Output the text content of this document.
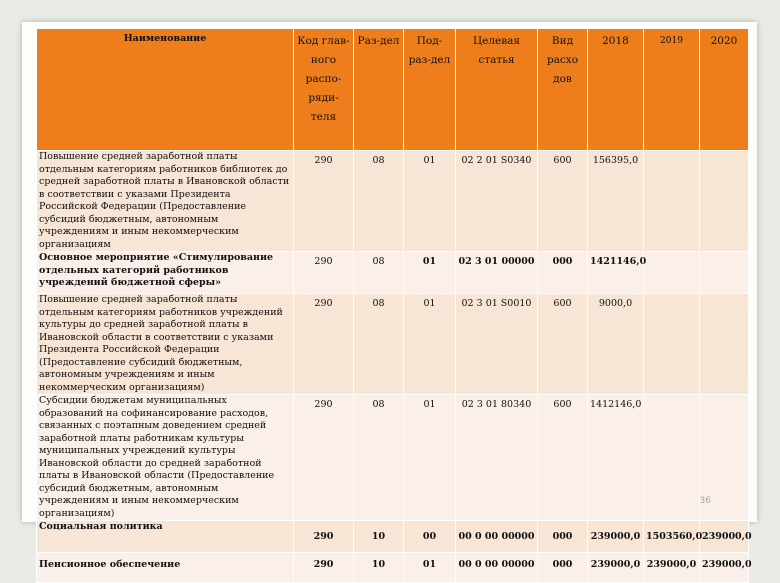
Наименование	Код глав-ного распо-ряди-теля	Раз-дел	Под-раз-дел	Целевая статья	Вид расхо дов	2018	2019	2020
Повышение средней заработной платы отдельным категориям работников библиотек до средней заработной платы в Ивановской области в соответствии с указами Президента Российской Федерации (Предоставление субсидий бюджетным, автономным учреждениям и иным некоммерческим организациям	290	08	01	02 2 01 S0340	600	156395,0		
Основное мероприятие «Стимулирование отдельных категорий работников учреждений бюджетной сферы»	290	08	01	02 3 01 00000	000	1421146,0		
Повышение средней заработной платы отдельным категориям работников учреждений культуры до средней заработной платы в Ивановской области в соответствии с указами Президента Российской Федерации (Предоставление субсидий бюджетным, автономным учреждениям и иным некоммерческим организациям)	290	08	01	02 3 01 S0010	600	9000,0		
Субсидии бюджетам муниципальных образований на софинансирование расходов, связанных с поэтапным доведением средней заработной платы работникам культуры муниципальных учреждений культуры Ивановской области до средней заработной платы в Ивановской области (Предоставление субсидий бюджетным, автономным учреждениям и иным некоммерческим организациям)	290	08	01	02 3 01 80340	600	1412146,0		
Социальная политика	290	10	00	00 0 00 00000	000	239000,0	1503560,0	239000,0
Пенсионное обеспечение	290	10	01	00 0 00 00000	000	239000,0	239000,0	239000,0
36
